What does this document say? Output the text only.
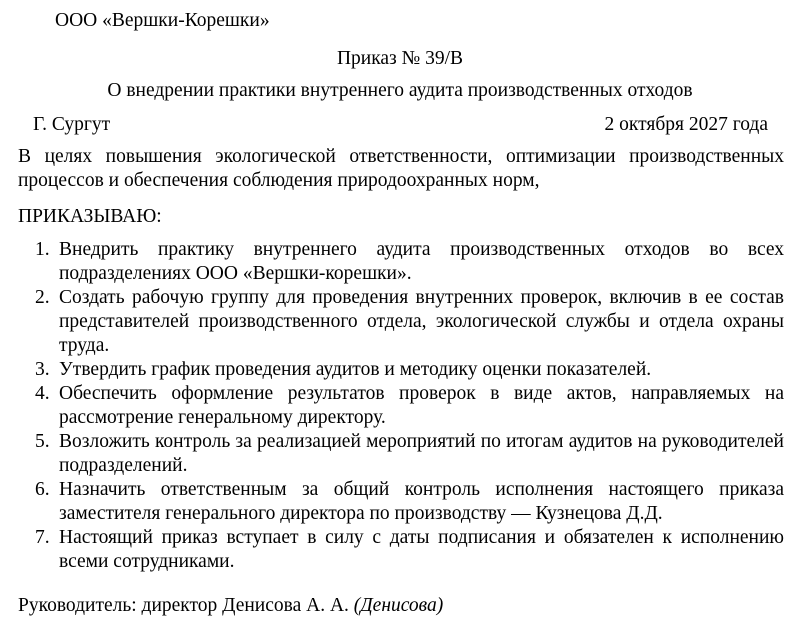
ООО «Вершки-Корешки»
Приказ № 39/В
О внедрении практики внутреннего аудита производственных отходов
Г. Сургут	2 октября 2027 года

В целях повышения экологической ответственности, оптимизации производственных процессов и обеспечения соблюдения природоохранных норм,

ПРИКАЗЫВАЮ:
1. Внедрить практику внутреннего аудита производственных отходов во всех подразделениях ООО «Вершки-корешки».
2. Создать рабочую группу для проведения внутренних проверок, включив в ее состав представителей производственного отдела, экологической службы и отдела охраны труда.
3. Утвердить график проведения аудитов и методику оценки показателей.
4. Обеспечить оформление результатов проверок в виде актов, направляемых на рассмотрение генеральному директору.
5. Возложить контроль за реализацией мероприятий по итогам аудитов на руководителей подразделений.
6. Назначить ответственным за общий контроль исполнения настоящего приказа заместителя генерального директора по производству — Кузнецова Д.Д.
7. Настоящий приказ вступает в силу с даты подписания и обязателен к исполнению всеми сотрудниками.
Руководитель: директор Денисова А. А. (Денисова)
